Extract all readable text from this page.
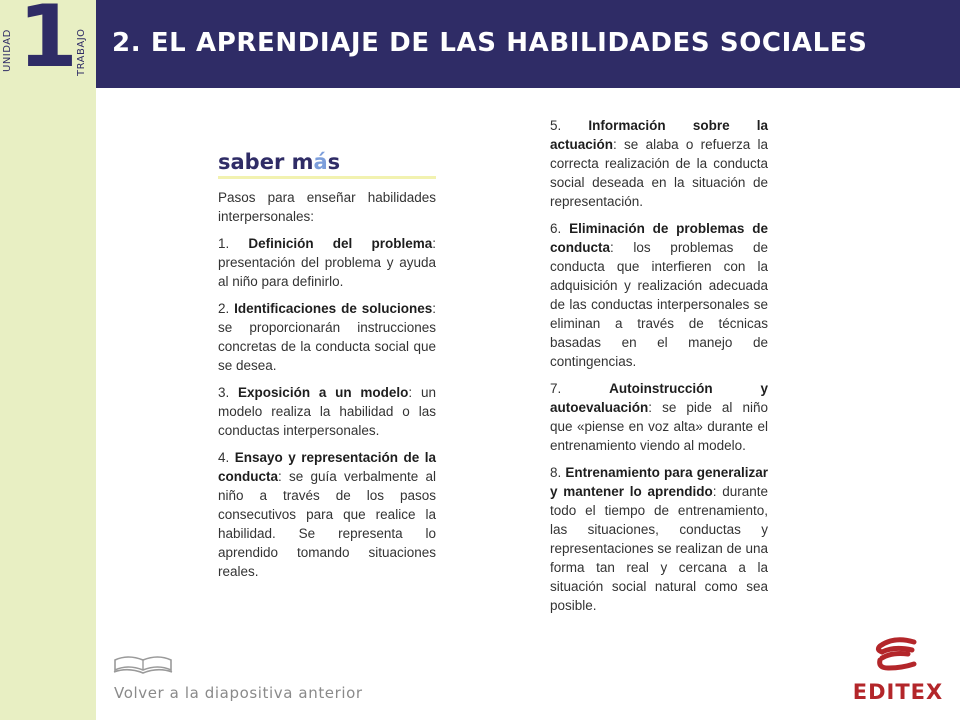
UNIDAD 1
TRABAJO 2. EL APRENDIAJE DE LAS HABILIDADES SOCIALES
saber más

Pasos para enseñar habilidades interpersonales:

1. Definición del problema: presentación del problema y ayuda al niño para definirlo.

2. Identificaciones de soluciones: se proporcionarán instrucciones concretas de la conducta social que se desea.

3. Exposición a un modelo: un modelo realiza la habilidad o las conductas interpersonales.

4. Ensayo y representación de la conducta: se guía verbalmente al niño a través de los pasos consecutivos para que realice la habilidad. Se representa lo aprendido tomando situaciones reales.

5. Información sobre la actuación: se alaba o refuerza la correcta realización de la conducta social deseada en la situación de representación.

6. Eliminación de problemas de conducta: los problemas de conducta que interfieren con la adquisición y realización adecuada de las conductas interpersonales se eliminan a través de técnicas basadas en el manejo de contingencias.

7. Autoinstrucción y autoevaluación: se pide al niño que «piense en voz alta» durante el entrenamiento viendo al modelo.

8. Entrenamiento para generalizar y mantener lo aprendido: durante todo el tiempo de entrenamiento, las situaciones, conductas y representaciones se realizan de una forma tan real y cercana a la situación social natural como sea posible.

Volver a la diapositiva anterior	EDITEX
